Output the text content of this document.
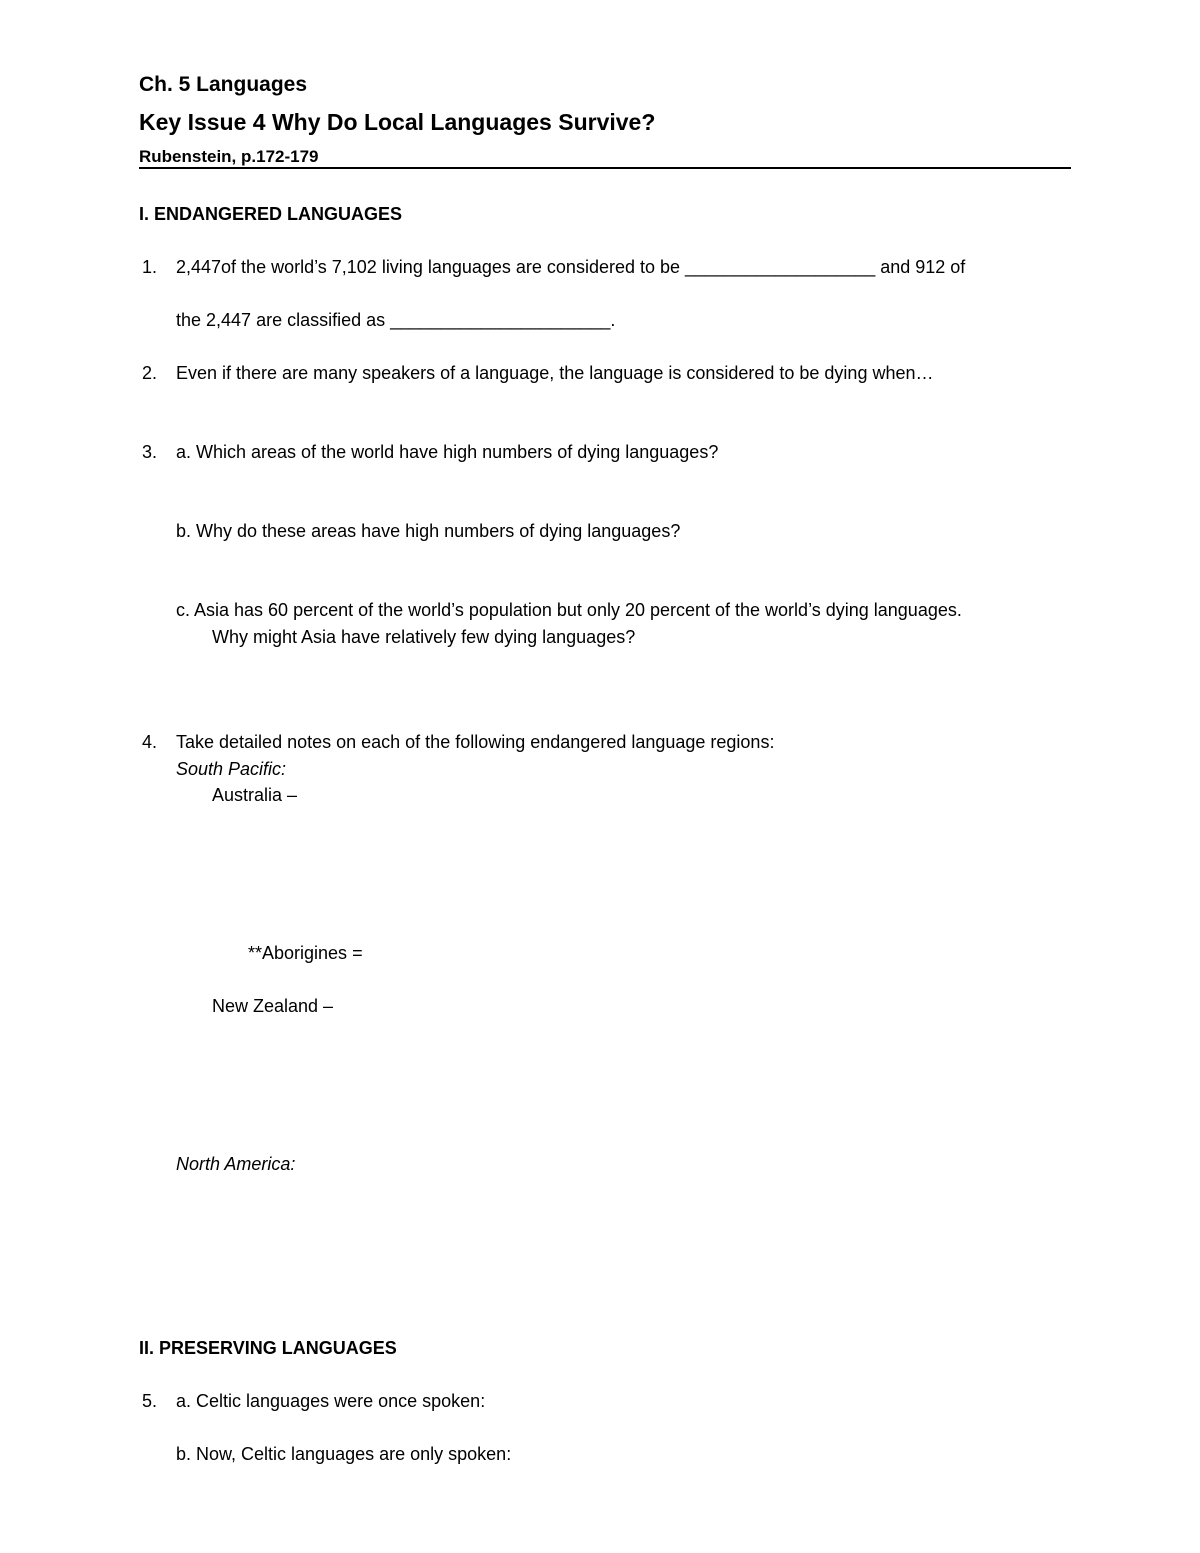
Ch. 5 Languages
Key Issue 4 Why Do Local Languages Survive?
Rubenstein, p.172-179
I. ENDANGERED LANGUAGES
1. 2,447of the world’s 7,102 living languages are considered to be ___________________ and 912 of
the 2,447 are classified as ______________________.
2. Even if there are many speakers of a language, the language is considered to be dying when…
3. a. Which areas of the world have high numbers of dying languages?
b. Why do these areas have high numbers of dying languages?
c. Asia has 60 percent of the world’s population but only 20 percent of the world’s dying languages.
Why might Asia have relatively few dying languages?
4. Take detailed notes on each of the following endangered language regions:
South Pacific:
Australia –
**Aborigines =
New Zealand –
North America:
II. PRESERVING LANGUAGES
5. a. Celtic languages were once spoken:
b. Now, Celtic languages are only spoken:
